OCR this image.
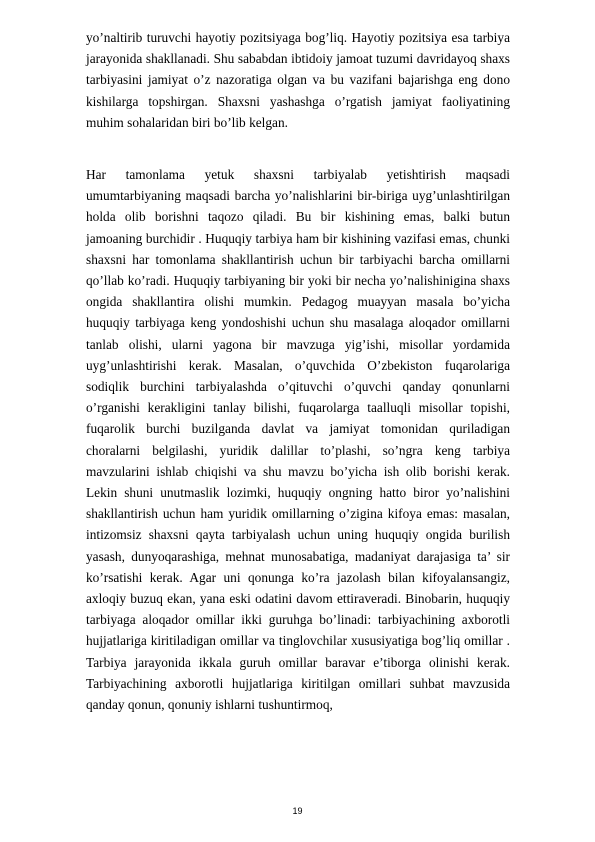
yo’naltirib turuvchi hayotiy pozitsiyaga bog’liq. Hayotiy pozitsiya esa tarbiya jarayonida shakllanadi. Shu sababdan ibtidoiy jamoat tuzumi davridayoq shaxs tarbiyasini jamiyat o’z nazoratiga olgan va bu vazifani bajarishga eng dono kishilarga topshirgan. Shaxsni yashashga o’rgatish jamiyat faoliyatining muhim sohalaridan biri bo’lib kelgan.

Har tamonlama yetuk shaxsni tarbiyalab yetishtirish maqsadi umumtarbiyaning maqsadi barcha yo’nalishlarini bir-biriga uyg’unlashtirilgan holda olib borishni taqozo qiladi. Bu bir kishining emas, balki butun jamoaning burchidir . Huquqiy tarbiya ham bir kishining vazifasi emas, chunki shaxsni har tomonlama shakllantirish uchun bir tarbiyachi barcha omillarni qo’llab ko’radi. Huquqiy tarbiyaning bir yoki bir necha yo’nalishinigina shaxs ongida shakllantira olishi mumkin. Pedagog muayyan masala bo’yicha huquqiy tarbiyaga keng yondoshishi uchun shu masalaga aloqador omillarni tanlab olishi, ularni yagona bir mavzuga yig’ishi, misollar yordamida uyg’unlashtirishi kerak. Masalan, o’quvchida O’zbekiston fuqarolariga sodiqlik burchini tarbiyalashda o’qituvchi o’quvchi qanday qonunlarni o’rganishi kerakligini tanlay bilishi, fuqarolarga taalluqli misollar topishi, fuqarolik burchi buzilganda davlat va jamiyat tomonidan quriladigan choralarni belgilashi, yuridik dalillar to’plashi, so’ngra keng tarbiya mavzularini ishlab chiqishi va shu mavzu bo’yicha ish olib borishi kerak. Lekin shuni unutmaslik lozimki, huquqiy ongning hatto biror yo’nalishini shakllantirish uchun ham yuridik omillarning o’zigina kifoya emas: masalan, intizomsiz shaxsni qayta tarbiyalash uchun uning huquqiy ongida burilish yasash, dunyoqarashiga, mehnat munosabatiga, madaniyat darajasiga ta’ sir ko’rsatishi kerak. Agar uni qonunga ko’ra jazolash bilan kifoyalansangiz, axloqiy buzuq ekan, yana eski odatini davom ettiraveradi. Binobarin, huquqiy tarbiyaga aloqador omillar ikki guruhga bo’linadi: tarbiyachining axborotli hujjatlariga kiritiladigan omillar va tinglovchilar xususiyatiga bog’liq omillar . Tarbiya jarayonida ikkala guruh omillar baravar e’tiborga olinishi kerak. Tarbiyachining axborotli hujjatlariga kiritilgan omillari suhbat mavzusida qanday qonun, qonuniy ishlarni tushuntirmoq,

19
